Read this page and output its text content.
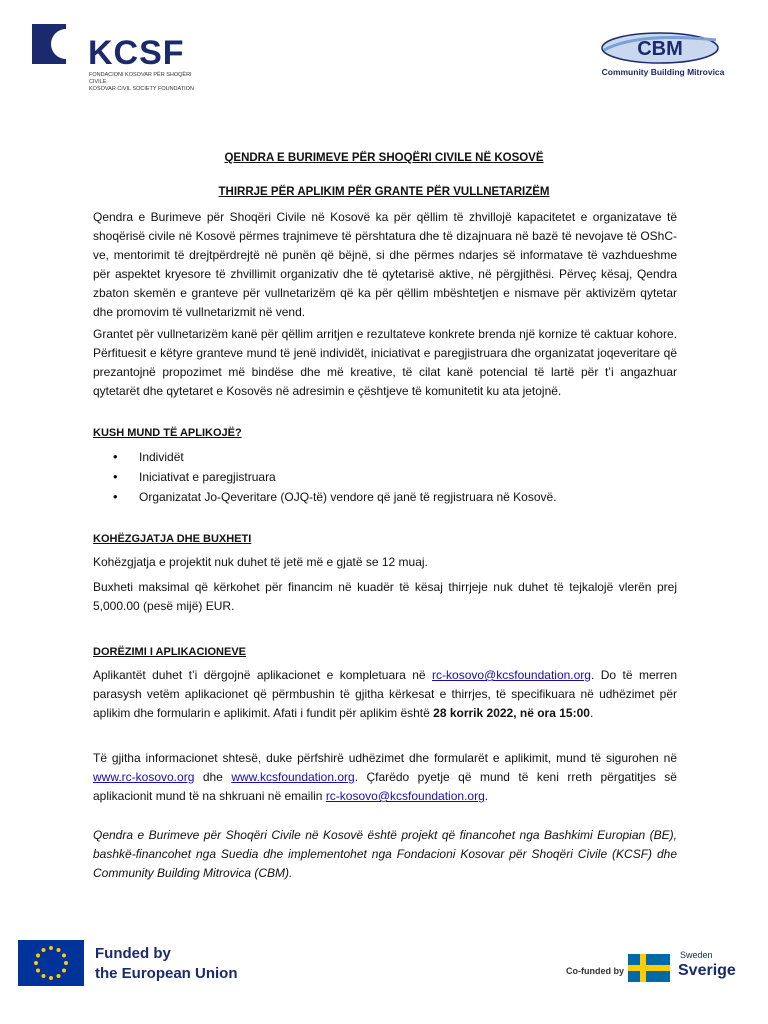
KCSF
FONDACIONI KOSOVAR PËR SHOQËRI CIVILE
KOSOVAR CIVIL SOCIETY FOUNDATION
CBM
Community Building Mitrovica
QENDRA E BURIMEVE PËR SHOQËRI CIVILE NË KOSOVË
THIRRJE PËR APLIKIM PËR GRANTE PËR VULLNETARIZËM

Qendra e Burimeve për Shoqëri Civile në Kosovë ka për qëllim të zhvillojë kapacitetet e organizatave të shoqërisë civile në Kosovë përmes trajnimeve të përshtatura dhe të dizajnuara në bazë të nevojave të OShC-ve, mentorimit të drejtpërdrejtë në punën që bëjnë, si dhe përmes ndarjes së informatave të vazhdueshme për aspektet kryesore të zhvillimit organizativ dhe të qytetarisë aktive, në përgjithësi. Përveç kësaj, Qendra zbaton skemën e granteve për vullnetarizëm që ka për qëllim mbështetjen e nismave për aktivizëm qytetar dhe promovim të vullnetarizmit në vend.

Grantet për vullnetarizëm kanë për qëllim arritjen e rezultateve konkrete brenda një kornize të caktuar kohore. Përfituesit e këtyre granteve mund të jenë individët, iniciativat e paregjistruara dhe organizatat joqeveritare që prezantojnë propozimet më bindëse dhe më kreative, të cilat kanë potencial të lartë për t’i angazhuar qytetarët dhe qytetaret e Kosovës në adresimin e çështjeve të komunitetit ku ata jetojnë.

KUSH MUND TË APLIKOJË?
• Individët
• Iniciativat e paregjistruara
• Organizatat Jo-Qeveritare (OJQ-të) vendore që janë të regjistruara në Kosovë.
KOHËZGJATJA DHE BUXHETI

Kohëzgjatja e projektit nuk duhet të jetë më e gjatë se 12 muaj.

Buxheti maksimal që kërkohet për financim në kuadër të kësaj thirrjeje nuk duhet të tejkalojë vlerën prej 5,000.00 (pesë mijë) EUR.

DORËZIMI I APLIKACIONEVE

Aplikantët duhet t’i dërgojnë aplikacionet e kompletuara në rc-kosovo@kcsfoundation.org. Do të merren parasysh vetëm aplikacionet që përmbushin të gjitha kërkesat e thirrjes, të specifikuara në udhëzimet për aplikim dhe formularin e aplikimit. Afati i fundit për aplikim është 28 korrik 2022, në ora 15:00.

Të gjitha informacionet shtesë, duke përfshirë udhëzimet dhe formularët e aplikimit, mund të sigurohen në www.rc-kosovo.org dhe www.kcsfoundation.org. Çfarëdo pyetje që mund të keni rreth përgatitjes së aplikacionit mund të na shkruani në emailin rc-kosovo@kcsfoundation.org.

Qendra e Burimeve për Shoqëri Civile në Kosovë është projekt që financohet nga Bashkimi Europian (BE), bashkë-financohet nga Suedia dhe implementohet nga Fondacioni Kosovar për Shoqëri Civile (KCSF) dhe Community Building Mitrovica (CBM).

Funded by
the European Union	Co-funded by
Sweden
Sverige
